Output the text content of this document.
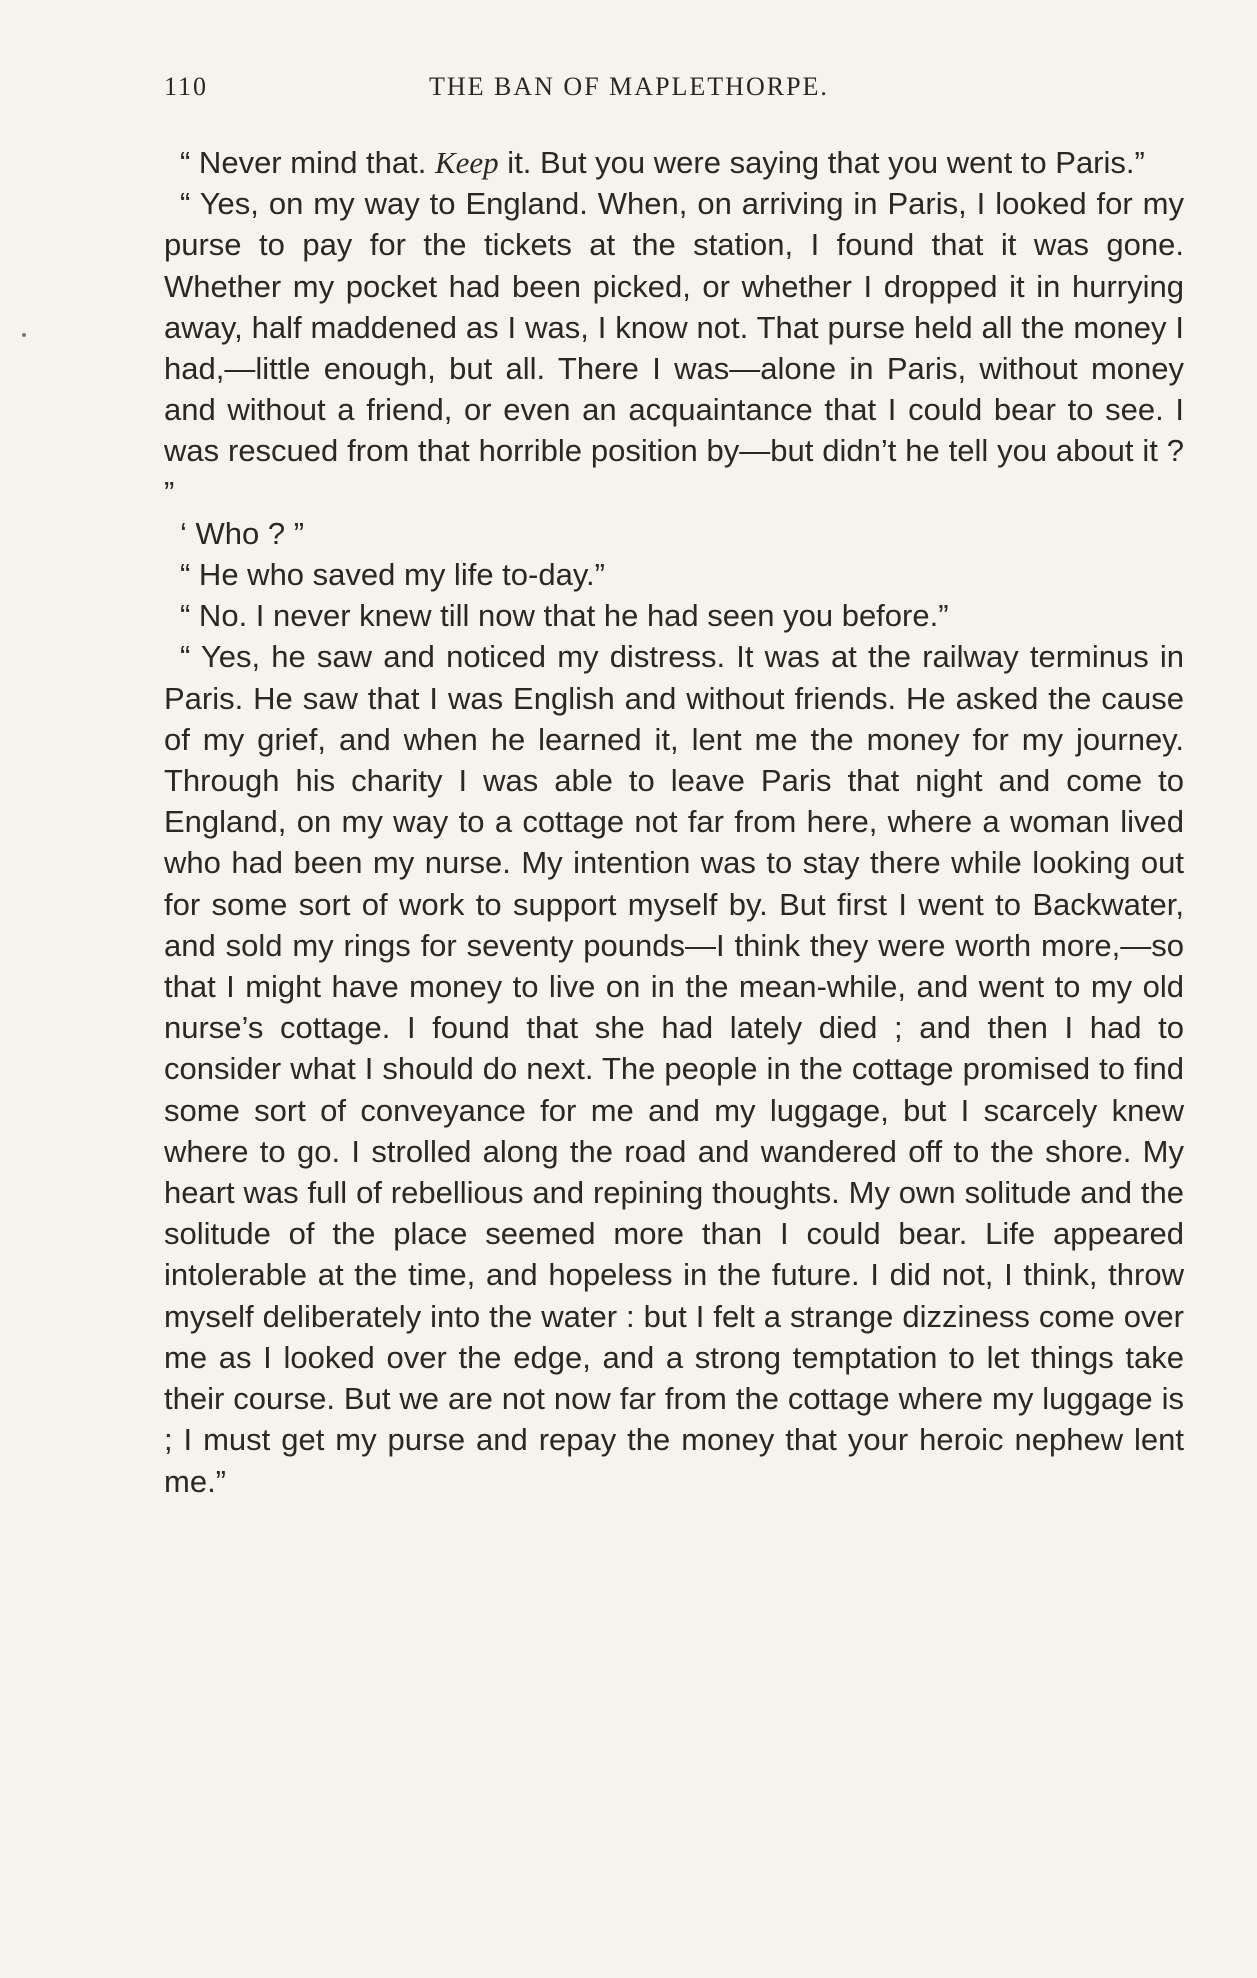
110	THE BAN OF MAPLETHORPE.

“ Never mind that. Keep it. But you were saying that you went to Paris.”

“ Yes, on my way to England. When, on arriving in Paris, I looked for my purse to pay for the tickets at the station, I found that it was gone. Whether my pocket had been picked, or whether I dropped it in hurrying away, half maddened as I was, I know not. That purse held all the money I had,—little enough, but all. There I was—alone in Paris, without money and without a friend, or even an acquaintance that I could bear to see. I was rescued from that horrible position by—but didn’t he tell you about it ? ”

‘ Who ? ”

“ He who saved my life to-day.”

“ No. I never knew till now that he had seen you before.”

“ Yes, he saw and noticed my distress. It was at the railway terminus in Paris. He saw that I was English and without friends. He asked the cause of my grief, and when he learned it, lent me the money for my journey. Through his charity I was able to leave Paris that night and come to England, on my way to a cottage not far from here, where a woman lived who had been my nurse. My intention was to stay there while looking out for some sort of work to support myself by. But first I went to Backwater, and sold my rings for seventy pounds—I think they were worth more,—so that I might have money to live on in the mean-while, and went to my old nurse’s cottage. I found that she had lately died ; and then I had to consider what I should do next. The people in the cottage promised to find some sort of conveyance for me and my luggage, but I scarcely knew where to go. I strolled along the road and wandered off to the shore. My heart was full of rebellious and repining thoughts. My own solitude and the solitude of the place seemed more than I could bear. Life appeared intolerable at the time, and hopeless in the future. I did not, I think, throw myself deliberately into the water : but I felt a strange dizziness come over me as I looked over the edge, and a strong temptation to let things take their course. But we are not now far from the cottage where my luggage is ; I must get my purse and repay the money that your heroic nephew lent me.”
